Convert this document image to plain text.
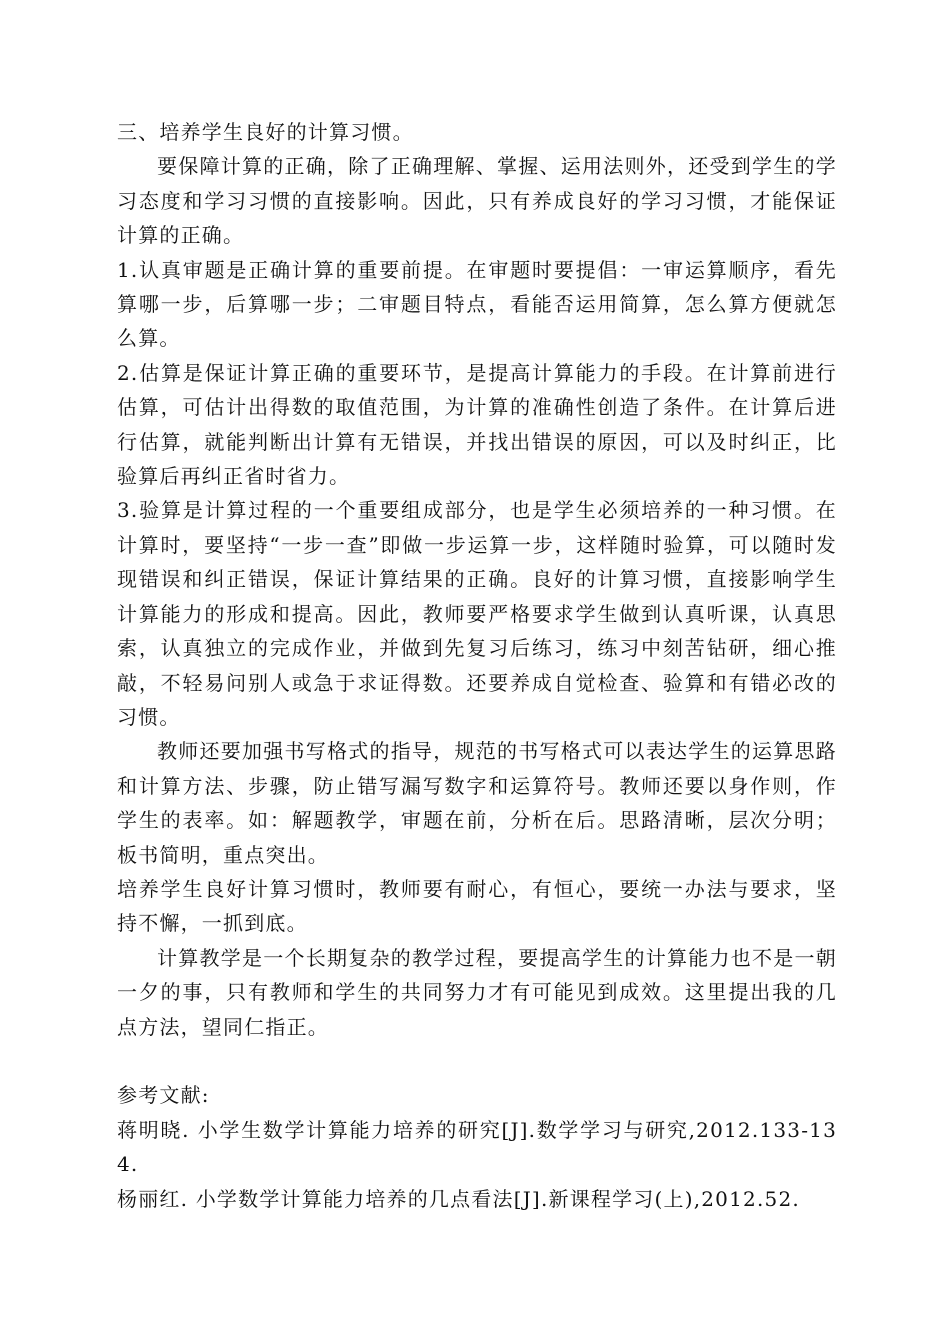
三、培养学生良好的计算习惯。

要保障计算的正确，除了正确理解、掌握、运用法则外，还受到学生的学习态度和学习习惯的直接影响。因此，只有养成良好的学习习惯，才能保证计算的正确。

1.认真审题是正确计算的重要前提。在审题时要提倡：一审运算顺序，看先算哪一步，后算哪一步；二审题目特点，看能否运用简算，怎么算方便就怎么算。

2.估算是保证计算正确的重要环节，是提高计算能力的手段。在计算前进行估算，可估计出得数的取值范围，为计算的准确性创造了条件。在计算后进行估算，就能判断出计算有无错误，并找出错误的原因，可以及时纠正，比验算后再纠正省时省力。

3.验算是计算过程的一个重要组成部分，也是学生必须培养的一种习惯。在计算时，要坚持“一步一查”即做一步运算一步，这样随时验算，可以随时发现错误和纠正错误，保证计算结果的正确。良好的计算习惯，直接影响学生计算能力的形成和提高。因此，教师要严格要求学生做到认真听课，认真思索，认真独立的完成作业，并做到先复习后练习，练习中刻苦钻研，细心推敲，不轻易问别人或急于求证得数。还要养成自觉检查、验算和有错必改的习惯。

教师还要加强书写格式的指导，规范的书写格式可以表达学生的运算思路和计算方法、步骤，防止错写漏写数字和运算符号。教师还要以身作则，作学生的表率。如：解题教学，审题在前，分析在后。思路清晰，层次分明；板书简明，重点突出。

培养学生良好计算习惯时，教师要有耐心，有恒心，要统一办法与要求，坚持不懈，一抓到底。

计算教学是一个长期复杂的教学过程，要提高学生的计算能力也不是一朝一夕的事，只有教师和学生的共同努力才有可能见到成效。这里提出我的几点方法，望同仁指正。

参考文献:

蒋明晓. 小学生数学计算能力培养的研究[J].数学学习与研究,2012.133-134.

杨丽红. 小学数学计算能力培养的几点看法[J].新课程学习(上),2012.52.
